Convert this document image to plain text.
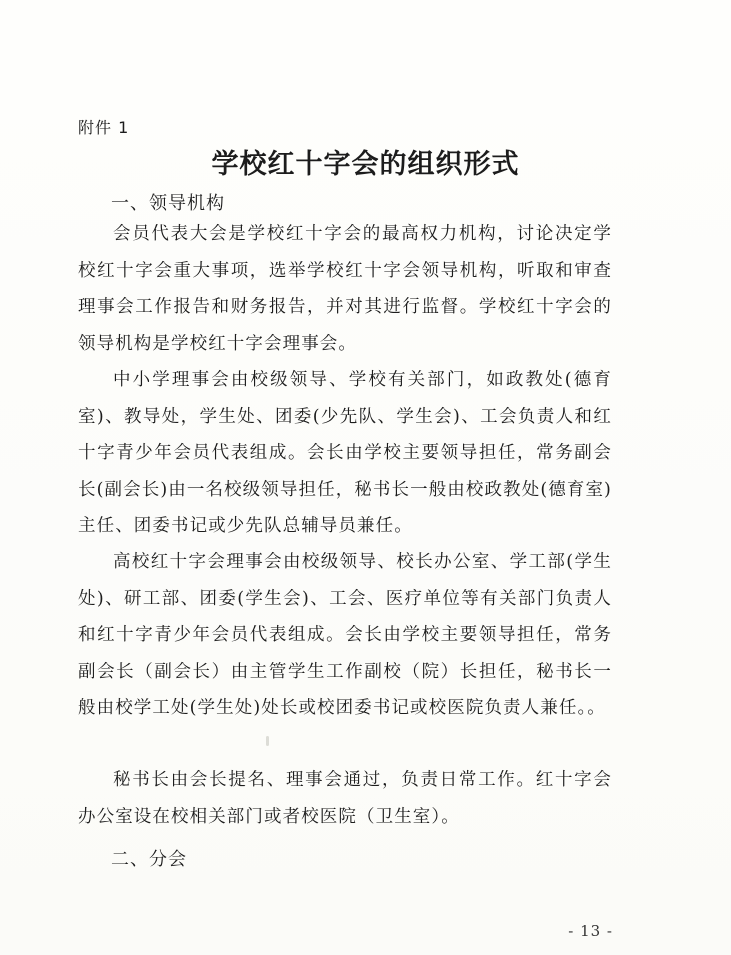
附件 1
学校红十字会的组织形式
一、领导机构

会员代表大会是学校红十字会的最高权力机构，讨论决定学校红十字会重大事项，选举学校红十字会领导机构，听取和审查理事会工作报告和财务报告，并对其进行监督。学校红十字会的领导机构是学校红十字会理事会。

中小学理事会由校级领导、学校有关部门，如政教处(德育室)、教导处，学生处、团委(少先队、学生会)、工会负责人和红十字青少年会员代表组成。会长由学校主要领导担任，常务副会长(副会长)由一名校级领导担任，秘书长一般由校政教处(德育室)主任、团委书记或少先队总辅导员兼任。

高校红十字会理事会由校级领导、校长办公室、学工部(学生处)、研工部、团委(学生会)、工会、医疗单位等有关部门负责人和红十字青少年会员代表组成。会长由学校主要领导担任，常务副会长（副会长）由主管学生工作副校（院）长担任，秘书长一般由校学工处(学生处)处长或校团委书记或校医院负责人兼任。。

秘书长由会长提名、理事会通过，负责日常工作。红十字会办公室设在校相关部门或者校医院（卫生室）。

二、分会
- 13 -
